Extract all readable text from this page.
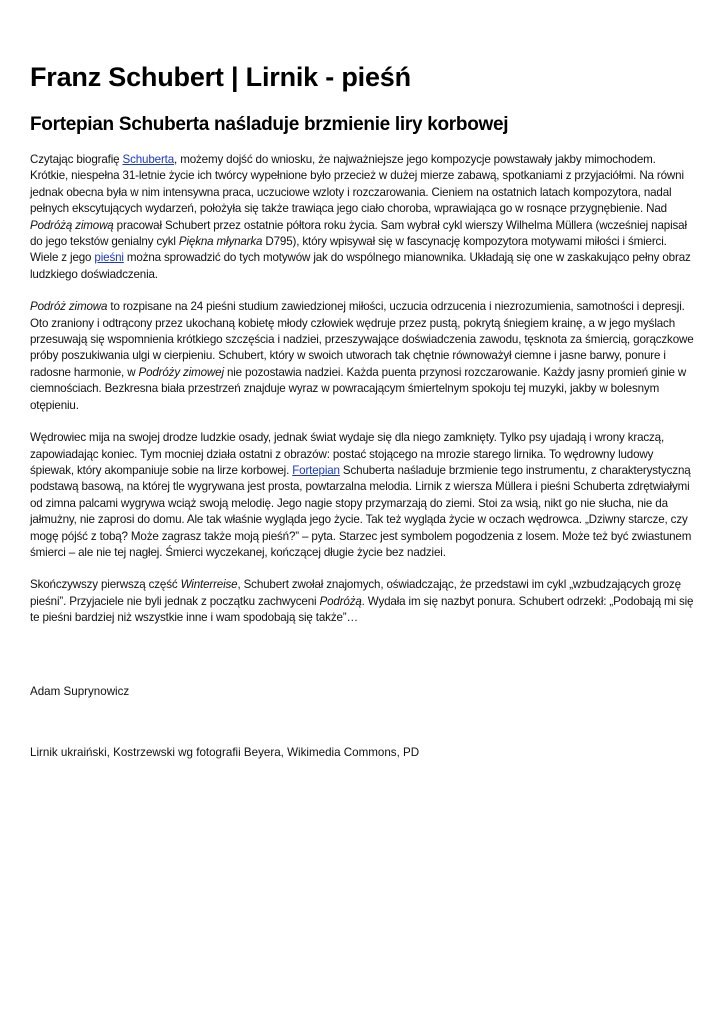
Franz Schubert | Lirnik - pieśń
Fortepian Schuberta naśladuje brzmienie liry korbowej

Czytając biografię Schuberta, możemy dojść do wniosku, że najważniejsze jego kompozycje powstawały jakby mimochodem. Krótkie, niespełna 31-letnie życie ich twórcy wypełnione było przecież w dużej mierze zabawą, spotkaniami z przyjaciółmi. Na równi jednak obecna była w nim intensywna praca, uczuciowe wzloty i rozczarowania. Cieniem na ostatnich latach kompozytora, nadal pełnych ekscytujących wydarzeń, położyła się także trawiąca jego ciało choroba, wprawiająca go w rosnące przygnębienie. Nad Podróżą zimową pracował Schubert przez ostatnie półtora roku życia. Sam wybrał cykl wierszy Wilhelma Müllera (wcześniej napisał do jego tekstów genialny cykl Piękna młynarka D795), który wpisywał się w fascynację kompozytora motywami miłości i śmierci. Wiele z jego pieśni można sprowadzić do tych motywów jak do wspólnego mianownika. Układają się one w zaskakująco pełny obraz ludzkiego doświadczenia.

Podróż zimowa to rozpisane na 24 pieśni studium zawiedzionej miłości, uczucia odrzucenia i niezrozumienia, samotności i depresji. Oto zraniony i odtrącony przez ukochaną kobietę młody człowiek wędruje przez pustą, pokrytą śniegiem krainę, a w jego myślach przesuwają się wspomnienia krótkiego szczęścia i nadziei, przeszywające doświadczenia zawodu, tęsknota za śmiercią, gorączkowe próby poszukiwania ulgi w cierpieniu. Schubert, który w swoich utworach tak chętnie równoważył ciemne i jasne barwy, ponure i radosne harmonie, w Podróży zimowej nie pozostawia nadziei. Każda puenta przynosi rozczarowanie. Każdy jasny promień ginie w ciemnościach. Bezkresna biała przestrzeń znajduje wyraz w powracającym śmiertelnym spokoju tej muzyki, jakby w bolesnym otępieniu.

Wędrowiec mija na swojej drodze ludzkie osady, jednak świat wydaje się dla niego zamknięty. Tylko psy ujadają i wrony kraczą, zapowiadając koniec. Tym mocniej działa ostatni z obrazów: postać stojącego na mrozie starego lirnika. To wędrowny ludowy śpiewak, który akompaniuje sobie na lirze korbowej. Fortepian Schuberta naśladuje brzmienie tego instrumentu, z charakterystyczną podstawą basową, na której tle wygrywana jest prosta, powtarzalna melodia. Lirnik z wiersza Müllera i pieśni Schuberta zdrętwiałymi od zimna palcami wygrywa wciąż swoją melodię. Jego nagie stopy przymarzają do ziemi. Stoi za wsią, nikt go nie słucha, nie da jałmużny, nie zaprosi do domu. Ale tak właśnie wygląda jego życie. Tak też wygląda życie w oczach wędrowca. „Dziwny starcze, czy mogę pójść z tobą? Może zagrasz także moją pieśń?” – pyta. Starzec jest symbolem pogodzenia z losem. Może też być zwiastunem śmierci – ale nie tej nagłej. Śmierci wyczekanej, kończącej długie życie bez nadziei.

Skończywszy pierwszą część Winterreise, Schubert zwołał znajomych, oświadczając, że przedstawi im cykl „wzbudzających grozę pieśni”. Przyjaciele nie byli jednak z początku zachwyceni Podróżą. Wydała im się nazbyt ponura. Schubert odrzekł: „Podobają mi się te pieśni bardziej niż wszystkie inne i wam spodobają się także”…

Adam Suprynowicz
Lirnik ukraiński, Kostrzewski wg fotografii Beyera, Wikimedia Commons, PD
